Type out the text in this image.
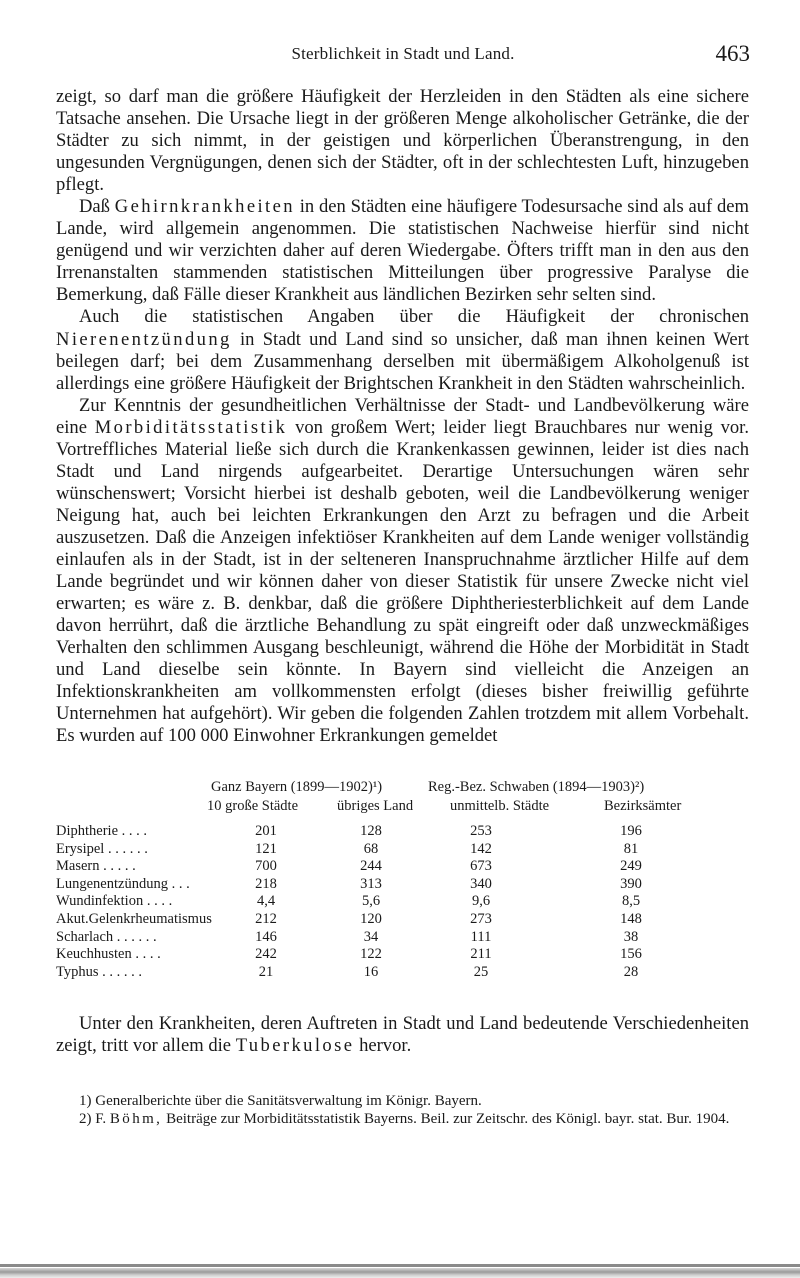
Sterblichkeit in Stadt und Land.	463

zeigt, so darf man die größere Häufigkeit der Herzleiden in den Städten als eine sichere Tatsache ansehen. Die Ursache liegt in der größeren Menge alkoholischer Getränke, die der Städter zu sich nimmt, in der geistigen und körperlichen Überanstrengung, in den ungesunden Vergnügungen, denen sich der Städter, oft in der schlechtesten Luft, hinzugeben pflegt.

Daß Gehirnkrankheiten in den Städten eine häufigere Todesursache sind als auf dem Lande, wird allgemein angenommen. Die statistischen Nachweise hierfür sind nicht genügend und wir verzichten daher auf deren Wiedergabe. Öfters trifft man in den aus den Irrenanstalten stammenden statistischen Mitteilungen über progressive Paralyse die Bemerkung, daß Fälle dieser Krankheit aus ländlichen Bezirken sehr selten sind.

Auch die statistischen Angaben über die Häufigkeit der chronischen Nierenentzündung in Stadt und Land sind so unsicher, daß man ihnen keinen Wert beilegen darf; bei dem Zusammenhang derselben mit übermäßigem Alkoholgenuß ist allerdings eine größere Häufigkeit der Brightschen Krankheit in den Städten wahrscheinlich.

Zur Kenntnis der gesundheitlichen Verhältnisse der Stadt- und Landbevölkerung wäre eine Morbiditätsstatistik von großem Wert; leider liegt Brauchbares nur wenig vor. Vortreffliches Material ließe sich durch die Krankenkassen gewinnen, leider ist dies nach Stadt und Land nirgends aufgearbeitet. Derartige Untersuchungen wären sehr wünschenswert; Vorsicht hierbei ist deshalb geboten, weil die Landbevölkerung weniger Neigung hat, auch bei leichten Erkrankungen den Arzt zu befragen und die Arbeit auszusetzen. Daß die Anzeigen infektiöser Krankheiten auf dem Lande weniger vollständig einlaufen als in der Stadt, ist in der selteneren Inanspruchnahme ärztlicher Hilfe auf dem Lande begründet und wir können daher von dieser Statistik für unsere Zwecke nicht viel erwarten; es wäre z. B. denkbar, daß die größere Diphtheriesterblichkeit auf dem Lande davon herrührt, daß die ärztliche Behandlung zu spät eingreift oder daß unzweckmäßiges Verhalten den schlimmen Ausgang beschleunigt, während die Höhe der Morbidität in Stadt und Land dieselbe sein könnte. In Bayern sind vielleicht die Anzeigen an Infektionskrankheiten am vollkommensten erfolgt (dieses bisher freiwillig geführte Unternehmen hat aufgehört). Wir geben die folgenden Zahlen trotzdem mit allem Vorbehalt. Es wurden auf 100 000 Einwohner Erkrankungen gemeldet

Ganz Bayern (1899—1902)¹)	Reg.-Bez. Schwaben (1894—1903)²)
10 große Städte	übriges Land	unmittelb. Städte	Bezirksämter
Diphtherie . . . .	201	128	253	196
Erysipel . . . . . .	121	68	142	81
Masern . . . . .	700	244	673	249
Lungenentzündung . . .	218	313	340	390
Wundinfektion . . . .	4,4	5,6	9,6	8,5
Akut.Gelenkrheumatismus	212	120	273	148
Scharlach . . . . . .	146	34	111	38
Keuchhusten . . . .	242	122	211	156
Typhus . . . . . .	21	16	25	28

Unter den Krankheiten, deren Auftreten in Stadt und Land bedeutende Verschiedenheiten zeigt, tritt vor allem die Tuberkulose hervor.

1) Generalberichte über die Sanitätsverwaltung im Königr. Bayern.

2) F. Böhm, Beiträge zur Morbiditätsstatistik Bayerns. Beil. zur Zeitschr. des Königl. bayr. stat. Bur. 1904.
